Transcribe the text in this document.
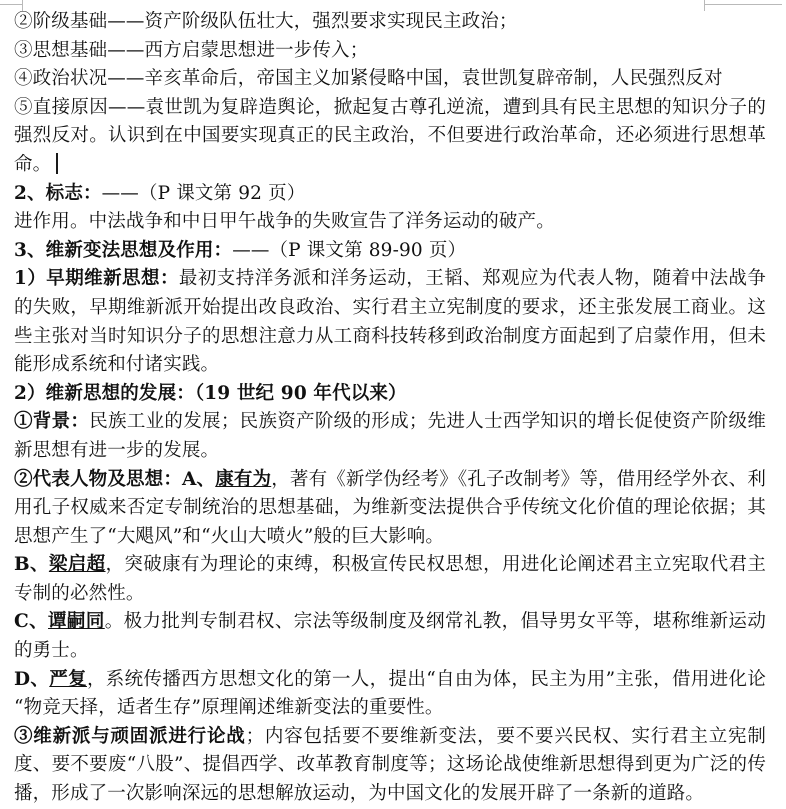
②阶级基础——资产阶级队伍壮大，强烈要求实现民主政治；

③思想基础——西方启蒙思想进一步传入；

④政治状况——辛亥革命后，帝国主义加紧侵略中国，袁世凯复辟帝制，人民强烈反对

⑤直接原因——袁世凯为复辟造舆论，掀起复古尊孔逆流，遭到具有民主思想的知识分子的强烈反对。认识到在中国要实现真正的民主政治，不但要进行政治革命，还必须进行思想革命。

2、标志：——（P 课文第 92 页）

进作用。中法战争和中日甲午战争的失败宣告了洋务运动的破产。

3、维新变法思想及作用：——（P 课文第 89-90 页）

1）早期维新思想：最初支持洋务派和洋务运动，王韬、郑观应为代表人物，随着中法战争的失败，早期维新派开始提出改良政治、实行君主立宪制度的要求，还主张发展工商业。这些主张对当时知识分子的思想注意力从工商科技转移到政治制度方面起到了启蒙作用，但未能形成系统和付诸实践。

2）维新思想的发展：（19 世纪 90 年代以来）

①背景：民族工业的发展；民族资产阶级的形成；先进人士西学知识的增长促使资产阶级维新思想有进一步的发展。

②代表人物及思想：A、康有为，著有《新学伪经考》《孔子改制考》等，借用经学外衣、利用孔子权威来否定专制统治的思想基础，为维新变法提供合乎传统文化价值的理论依据；其思想产生了“大飓风”和“火山大喷火”般的巨大影响。

B、梁启超，突破康有为理论的束缚，积极宣传民权思想，用进化论阐述君主立宪取代君主专制的必然性。

C、谭嗣同。极力批判专制君权、宗法等级制度及纲常礼教，倡导男女平等，堪称维新运动的勇士。

D、严复，系统传播西方思想文化的第一人，提出“自由为体，民主为用”主张，借用进化论“物竞天择，适者生存”原理阐述维新变法的重要性。

③维新派与顽固派进行论战；内容包括要不要维新变法，要不要兴民权、实行君主立宪制度、要不要废“八股”、提倡西学、改革教育制度等；这场论战使维新思想得到更为广泛的传播，形成了一次影响深远的思想解放运动，为中国文化的发展开辟了一条新的道路。
